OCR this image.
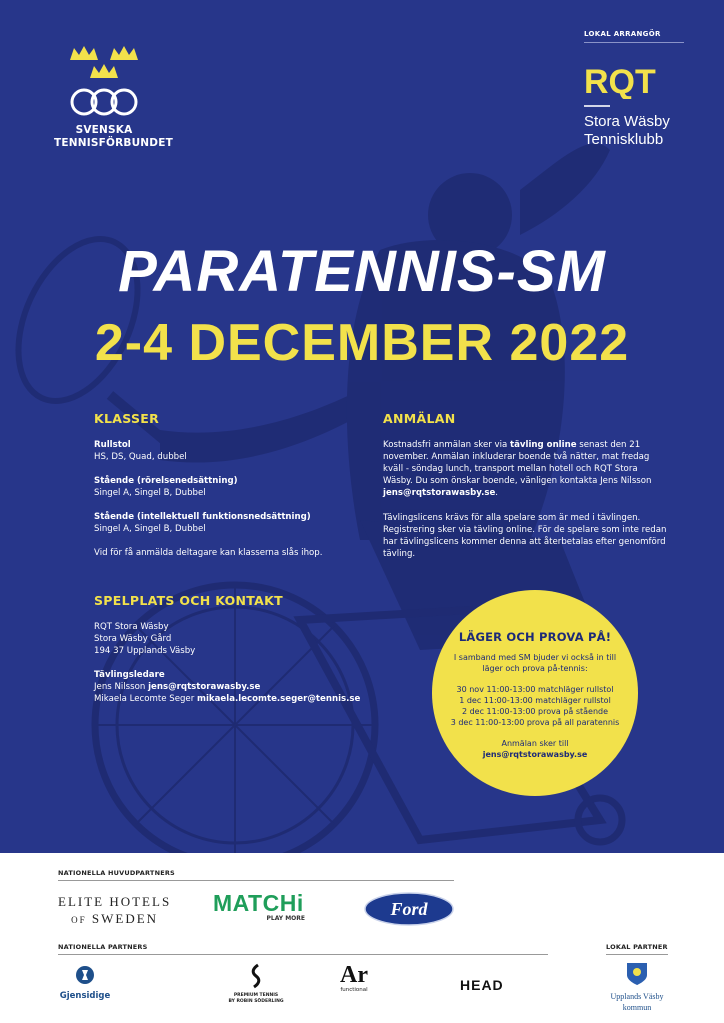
SVENSKA
TENNISFÖRBUNDET
LOKAL ARRANGÖR
RQT
Stora Wäsby
Tennisklubb
PARATENNIS-SM
2-4 DECEMBER 2022
KLASSER
Rullstol
HS, DS, Quad, dubbel
Stående (rörelsenedsättning)
Singel A, Singel B, Dubbel
Stående (intellektuell funktionsnedsättning)
Singel A, Singel B, Dubbel
Vid för få anmälda deltagare kan klasserna slås ihop.
SPELPLATS OCH KONTAKT
RQT Stora Wäsby
Stora Wäsby Gård
194 37 Upplands Väsby
Tävlingsledare
Jens Nilsson jens@rqtstorawasby.se
Mikaela Lecomte Seger mikaela.lecomte.seger@tennis.se
ANMÄLAN
Kostnadsfri anmälan sker via tävling online senast den 21 november. Anmälan inkluderar boende två nätter, mat fredag kväll - söndag lunch, transport mellan hotell och RQT Stora Wäsby. Du som önskar boende, vänligen kontakta Jens Nilsson jens@rqtstorawasby.se.
Tävlingslicens krävs för alla spelare som är med i tävlingen. Registrering sker via tävling online. För de spelare som inte redan har tävlingslicens kommer denna att återbetalas efter genomförd tävling.
LÄGER OCH PROVA PÅ!
I samband med SM bjuder vi också in till
läger och prova på-tennis:
30 nov 11:00-13:00 matchläger rullstol
1 dec 11:00-13:00 matchläger rullstol
2 dec 11:00-13:00 prova på stående
3 dec 11:00-13:00 prova på all paratennis
Anmälan sker till
jens@rqtstorawasby.se
NATIONELLA HUVUDPARTNERS
ELITE HOTELS
OF SWEDEN
MATCHi
PLAY MORE	Ford
NATIONELLA PARTNERS	LOKAL PARTNER
Gjensidige	PREMIUM TENNIS
BY ROBIN SÖDERLING
Ar
functional	HEAD
Upplands Väsby
kommun
